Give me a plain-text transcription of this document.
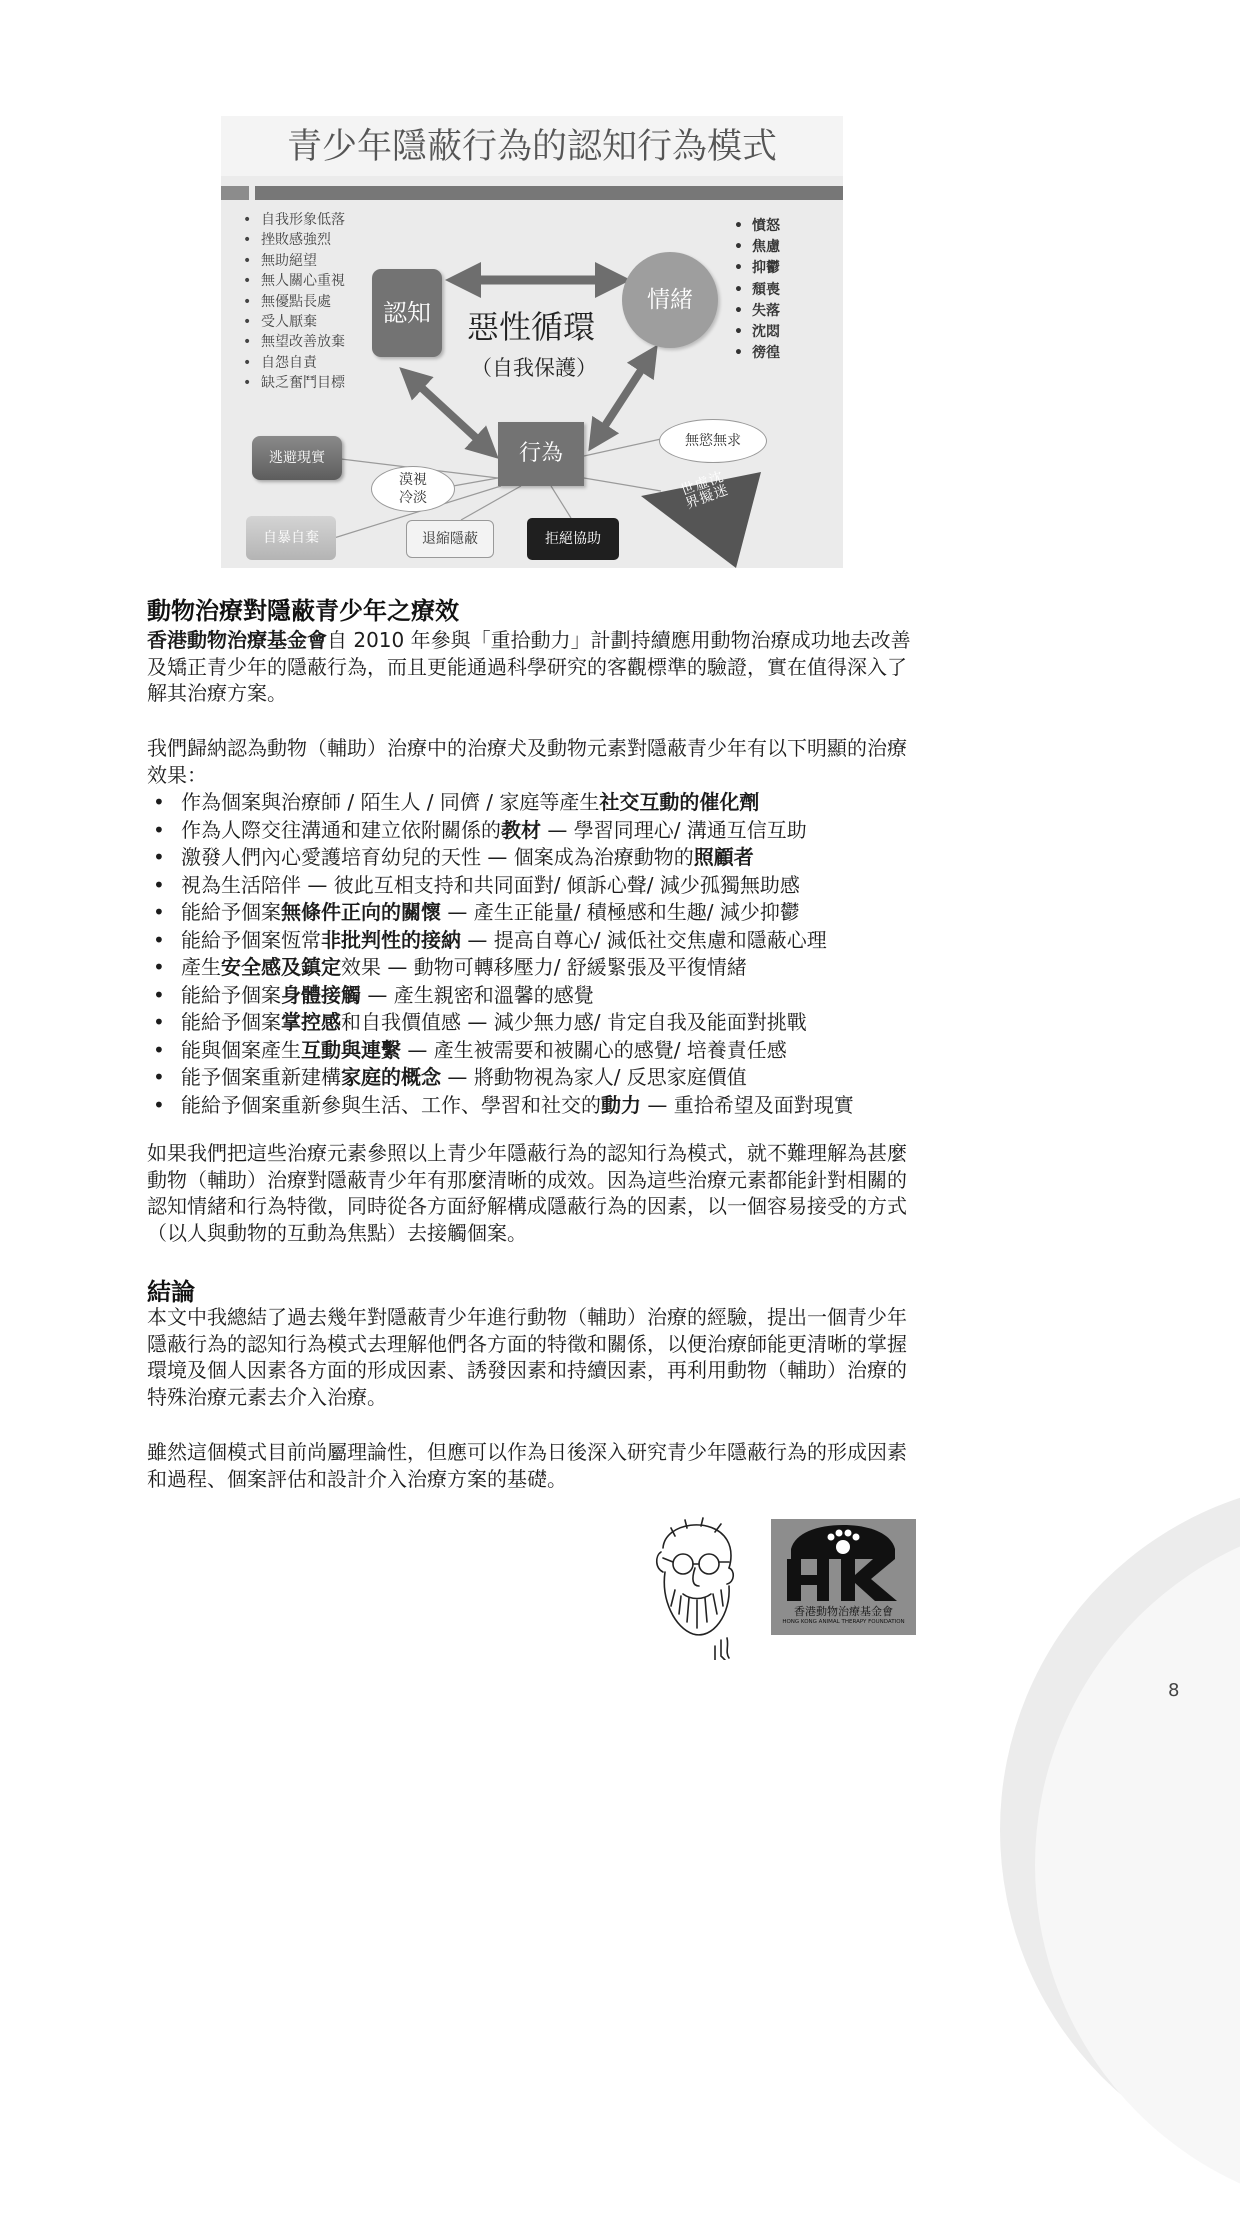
青少年隱蔽行為的認知行為模式
• 自我形象低落
• 挫敗感強烈
• 無助絕望
• 無人關心重視
• 無優點長處
• 受人厭棄
• 無望改善放棄
• 自怨自責
• 缺乏奮鬥目標
• 憤怒
• 焦慮
• 抑鬱
• 頹喪
• 失落
• 沈悶
• 徬徨
認知	情緒
惡性循環
（自我保護）
行為
逃避現實
自暴自棄	退縮隱蔽	拒絕協助
漠視
冷淡
無慾無求
沈迷
虛擬
世界
動物治療對隱蔽青少年之療效

香港動物治療基金會自 2010 年參與「重拾動力」計劃持續應用動物治療成功地去改善及矯正青少年的隱蔽行為，而且更能通過科學研究的客觀標準的驗證，實在值得深入了解其治療方案。

我們歸納認為動物（輔助）治療中的治療犬及動物元素對隱蔽青少年有以下明顯的治療效果：

• 作為個案與治療師 / 陌生人 / 同儕 / 家庭等產生社交互動的催化劑
• 作為人際交往溝通和建立依附關係的教材 — 學習同理心/ 溝通互信互助
• 激發人們內心愛護培育幼兒的天性 — 個案成為治療動物的照顧者
• 視為生活陪伴 — 彼此互相支持和共同面對/ 傾訴心聲/ 減少孤獨無助感
• 能給予個案無條件正向的關懷 — 產生正能量/ 積極感和生趣/ 減少抑鬱
• 能給予個案恆常非批判性的接納 — 提高自尊心/ 減低社交焦慮和隱蔽心理
• 產生安全感及鎮定效果 — 動物可轉移壓力/ 舒緩緊張及平復情緒
• 能給予個案身體接觸 — 產生親密和溫馨的感覺
• 能給予個案掌控感和自我價值感 — 減少無力感/ 肯定自我及能面對挑戰
• 能與個案產生互動與連繫 — 產生被需要和被關心的感覺/ 培養責任感
• 能予個案重新建構家庭的概念 — 將動物視為家人/ 反思家庭價值
• 能給予個案重新參與生活、工作、學習和社交的動力 — 重拾希望及面對現實

如果我們把這些治療元素參照以上青少年隱蔽行為的認知行為模式，就不難理解為甚麼動物（輔助）治療對隱蔽青少年有那麼清晰的成效。因為這些治療元素都能針對相關的認知情緒和行為特徵，同時從各方面紓解構成隱蔽行為的因素，以一個容易接受的方式（以人與動物的互動為焦點）去接觸個案。

結論

本文中我總結了過去幾年對隱蔽青少年進行動物（輔助）治療的經驗，提出一個青少年隱蔽行為的認知行為模式去理解他們各方面的特徵和關係，以便治療師能更清晰的掌握環境及個人因素各方面的形成因素、誘發因素和持續因素，再利用動物（輔助）治療的特殊治療元素去介入治療。

雖然這個模式目前尚屬理論性，但應可以作為日後深入研究青少年隱蔽行為的形成因素和過程、個案評估和設計介入治療方案的基礎。

香港動物治療基金會
HONG KONG ANIMAL THERAPY FOUNDATION
8
